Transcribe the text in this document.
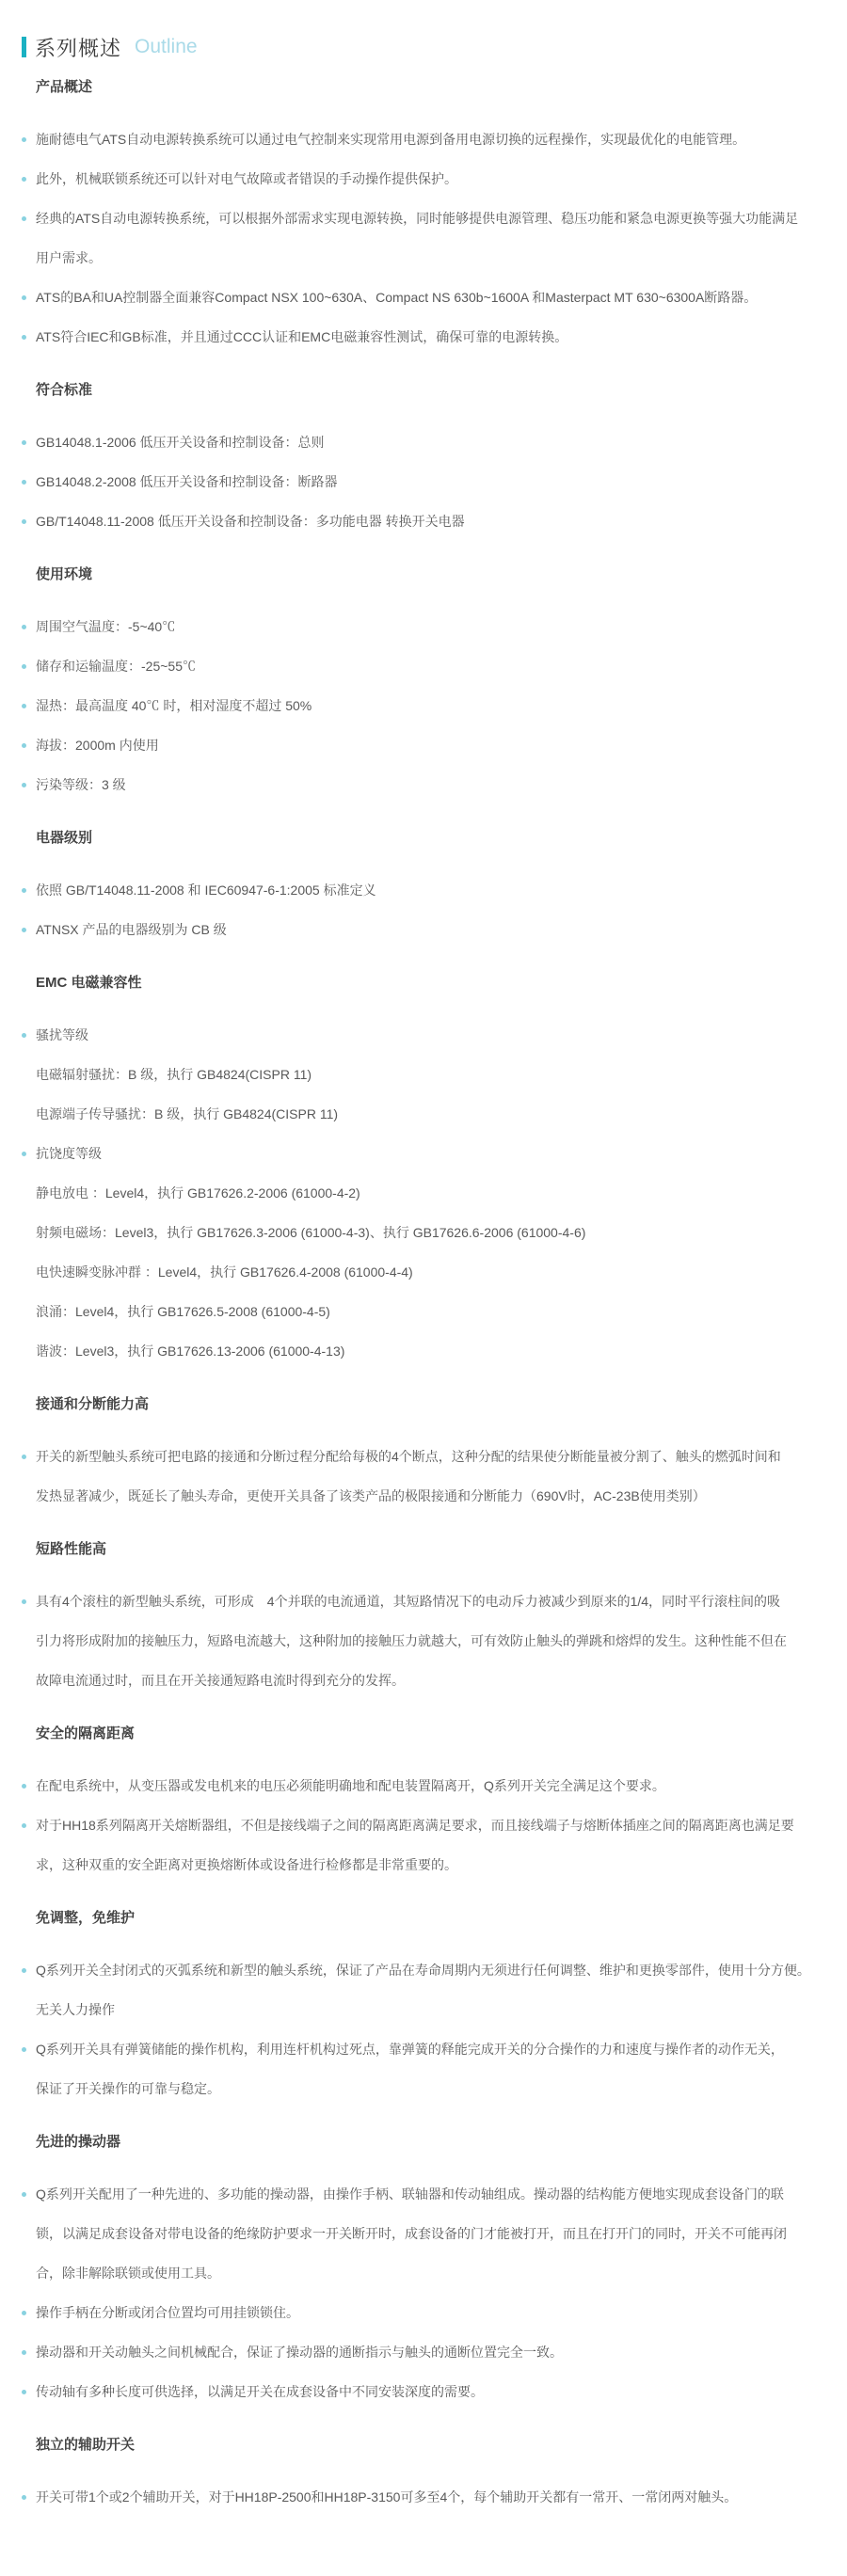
系列概述 Outline
产品概述
施耐德电气ATS自动电源转换系统可以通过电气控制来实现常用电源到备用电源切换的远程操作，实现最优化的电能管理。
此外，机械联锁系统还可以针对电气故障或者错误的手动操作提供保护。
经典的ATS自动电源转换系统，可以根据外部需求实现电源转换，同时能够提供电源管理、稳压功能和紧急电源更换等强大功能满足
用户需求。
ATS的BA和UA控制器全面兼容Compact NSX 100~630A、Compact NS 630b~1600A 和Masterpact MT 630~6300A断路器。
ATS符合IEC和GB标准，并且通过CCC认证和EMC电磁兼容性测试，确保可靠的电源转换。
符合标准
GB14048.1-2006 低压开关设备和控制设备：总则
GB14048.2-2008 低压开关设备和控制设备：断路器
GB/T14048.11-2008 低压开关设备和控制设备：多功能电器 转换开关电器
使用环境
周围空气温度：-5~40℃
储存和运输温度：-25~55℃
湿热：最高温度 40℃ 时，相对湿度不超过 50%
海拔：2000m 内使用
污染等级：3 级
电器级别
依照 GB/T14048.11-2008 和 IEC60947-6-1:2005 标准定义
ATNSX 产品的电器级别为 CB 级
EMC 电磁兼容性
骚扰等级
电磁辐射骚扰：B 级，执行 GB4824(CISPR 11)
电源端子传导骚扰：B 级，执行 GB4824(CISPR 11)
抗饶度等级
静电放电 ：Level4，执行 GB17626.2-2006 (61000-4-2)
射频电磁场：Level3，执行 GB17626.3-2006 (61000-4-3)、执行 GB17626.6-2006 (61000-4-6)
电快速瞬变脉冲群 ：Level4，执行 GB17626.4-2008 (61000-4-4)
浪涌：Level4，执行 GB17626.5-2008 (61000-4-5)
谐波：Level3，执行 GB17626.13-2006 (61000-4-13)
接通和分断能力高
开关的新型触头系统可把电路的接通和分断过程分配给每极的4个断点，这种分配的结果使分断能量被分割了、触头的燃弧时间和
发热显著减少，既延长了触头寿命，更使开关具备了该类产品的极限接通和分断能力（690V时，AC-23B使用类别）
短路性能高
具有4个滚柱的新型触头系统，可形成　4个并联的电流通道，其短路情况下的电动斥力被减少到原来的1/4，同时平行滚柱间的吸
引力将形成附加的接触压力，短路电流越大，这种附加的接触压力就越大，可有效防止触头的弹跳和熔焊的发生。这种性能不但在
故障电流通过时，而且在开关接通短路电流时得到充分的发挥。
安全的隔离距离
在配电系统中，从变压器或发电机来的电压必须能明确地和配电装置隔离开，Q系列开关完全满足这个要求。
对于HH18系列隔离开关熔断器组，不但是接线端子之间的隔离距离满足要求，而且接线端子与熔断体插座之间的隔离距离也满足要
求，这种双重的安全距离对更换熔断体或设备进行检修都是非常重要的。
免调整，免维护
Q系列开关全封闭式的灭弧系统和新型的触头系统，保证了产品在寿命周期内无须进行任何调整、维护和更换零部件，使用十分方便。
无关人力操作
Q系列开关具有弹簧储能的操作机构，利用连杆机构过死点，靠弹簧的释能完成开关的分合操作的力和速度与操作者的动作无关，
保证了开关操作的可靠与稳定。
先进的操动器
Q系列开关配用了一种先进的、多功能的操动器，由操作手柄、联轴器和传动轴组成。操动器的结构能方便地实现成套设备门的联
锁，以满足成套设备对带电设备的绝缘防护要求一开关断开时，成套设备的门才能被打开，而且在打开门的同时，开关不可能再闭
合，除非解除联锁或使用工具。
操作手柄在分断或闭合位置均可用挂锁锁住。
操动器和开关动触头之间机械配合，保证了操动器的通断指示与触头的通断位置完全一致。
传动轴有多种长度可供选择，以满足开关在成套设备中不同安装深度的需要。
独立的辅助开关
开关可带1个或2个辅助开关，对于HH18P-2500和HH18P-3150可多至4个，每个辅助开关都有一常开、一常闭两对触头。
